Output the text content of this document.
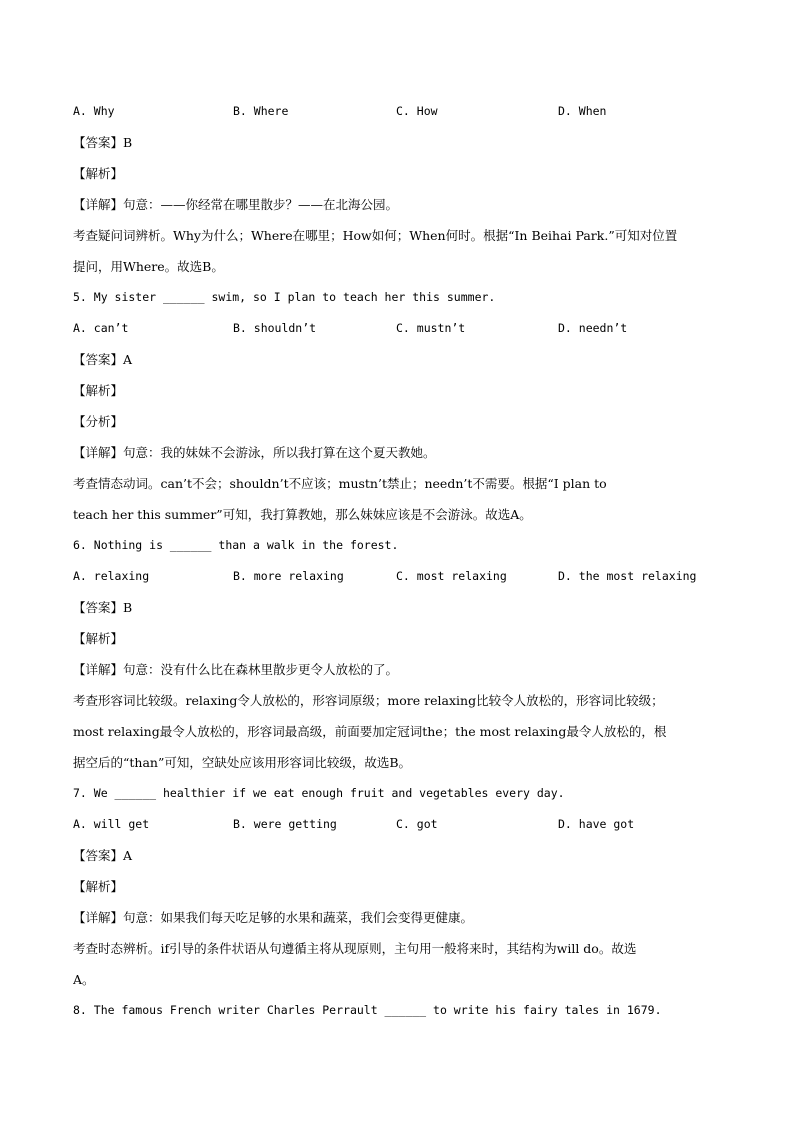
A. Why	B. Where	C. How	D. When
【答案】B
【解析】
【详解】句意：——你经常在哪里散步？——在北海公园。
考查疑问词辨析。Why为什么；Where在哪里；How如何；When何时。根据“In Beihai Park.”可知对位置
提问，用Where。故选B。
5. My sister ______ swim, so I plan to teach her this summer.
A. can’t	B. shouldn’t	C. mustn’t	D. needn’t
【答案】A
【解析】
【分析】
【详解】句意：我的妹妹不会游泳，所以我打算在这个夏天教她。
考查情态动词。can’t不会；shouldn’t不应该；mustn’t禁止；needn’t不需要。根据“I plan to
teach her this summer”可知，我打算教她，那么妹妹应该是不会游泳。故选A。
6. Nothing is ______ than a walk in the forest.
A. relaxing	B. more relaxing	C. most relaxing	D. the most relaxing
【答案】B
【解析】
【详解】句意：没有什么比在森林里散步更令人放松的了。
考查形容词比较级。relaxing令人放松的，形容词原级；more relaxing比较令人放松的，形容词比较级；
most relaxing最令人放松的，形容词最高级，前面要加定冠词the；the most relaxing最令人放松的，根
据空后的“than”可知，空缺处应该用形容词比较级，故选B。
7. We ______ healthier if we eat enough fruit and vegetables every day.
A. will get	B. were getting	C. got	D. have got
【答案】A
【解析】
【详解】句意：如果我们每天吃足够的水果和蔬菜，我们会变得更健康。
考查时态辨析。if引导的条件状语从句遵循主将从现原则，主句用一般将来时，其结构为will do。故选
A。
8. The famous French writer Charles Perrault ______ to write his fairy tales in 1679.
